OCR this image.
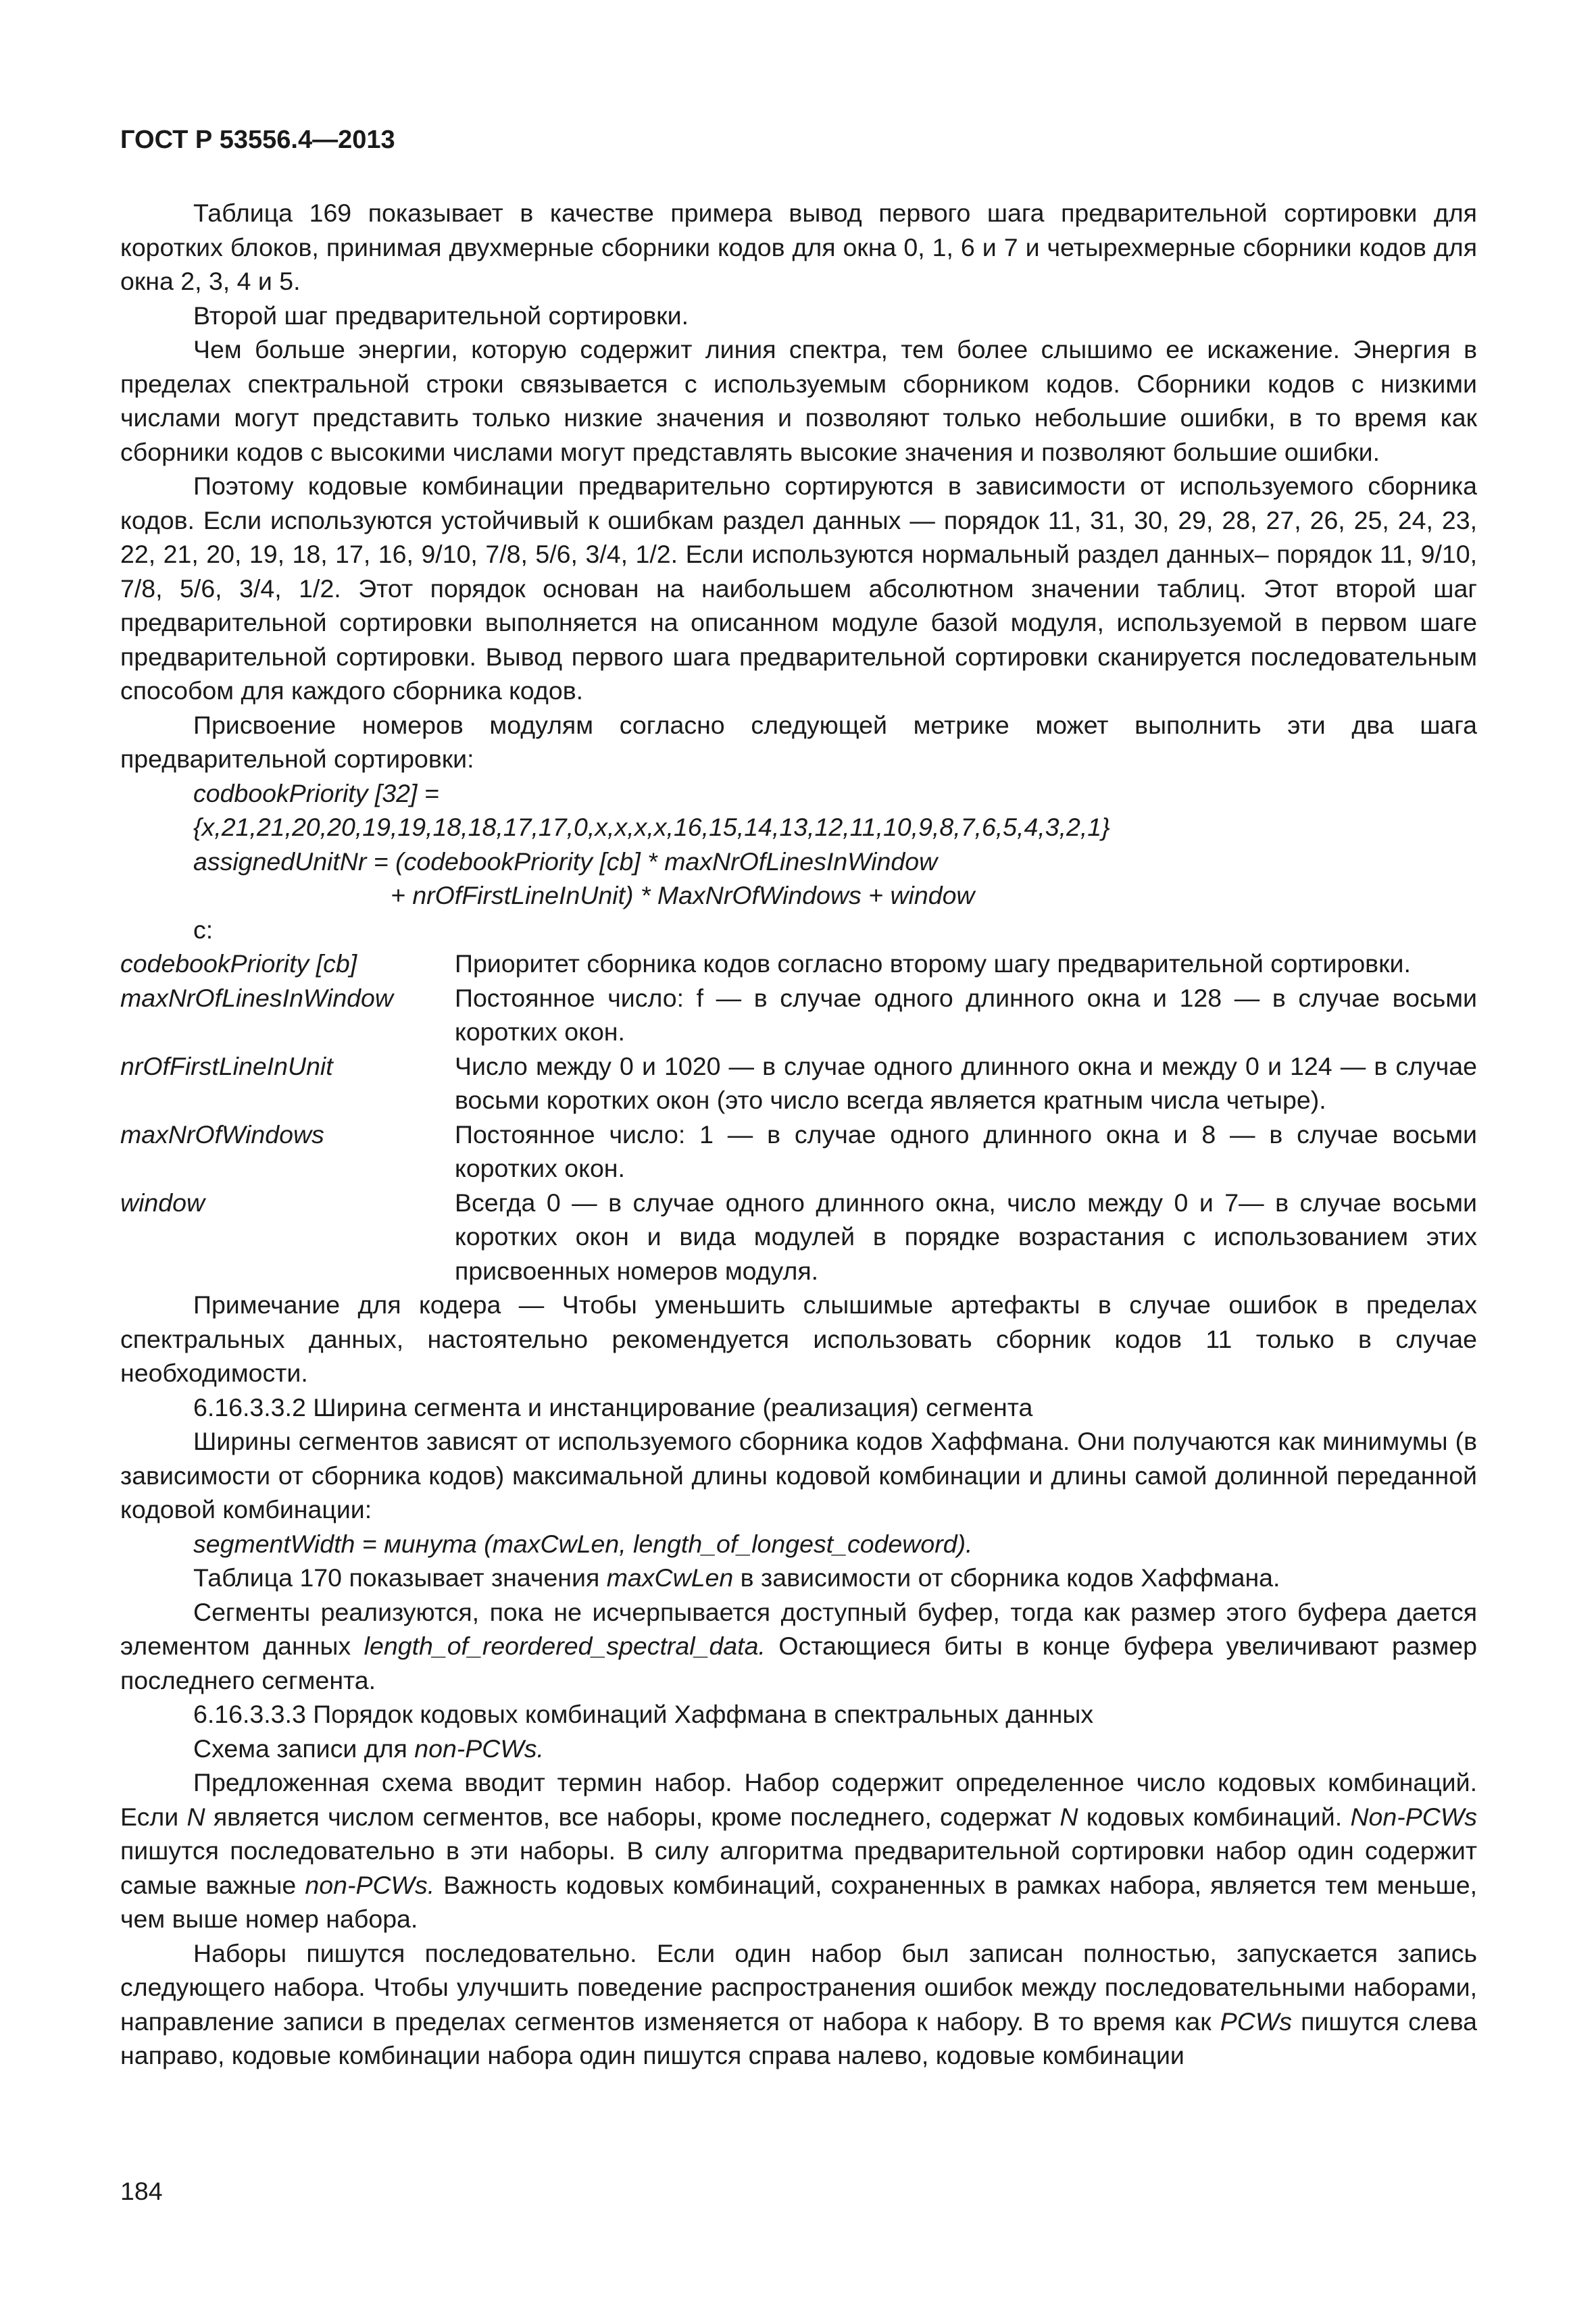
ГОСТ Р 53556.4—2013

Таблица 169 показывает в качестве примера вывод первого шага предварительной сортировки для коротких блоков, принимая двухмерные сборники кодов для окна 0, 1, 6 и 7 и четырехмерные сборники кодов для окна 2, 3, 4 и 5.

Второй шаг предварительной сортировки.

Чем больше энергии, которую содержит линия спектра, тем более слышимо ее искажение. Энергия в пределах спектральной строки связывается с используемым сборником кодов. Сборники кодов с низкими числами могут представить только низкие значения и позволяют только небольшие ошибки, в то время как сборники кодов с высокими числами могут представлять высокие значения и позволяют большие ошибки.

Поэтому кодовые комбинации предварительно сортируются в зависимости от используемого сборника кодов. Если используются устойчивый к ошибкам раздел данных — порядок 11, 31, 30, 29, 28, 27, 26, 25, 24, 23, 22, 21, 20, 19, 18, 17, 16, 9/10, 7/8, 5/6, 3/4, 1/2. Если используются нормальный раздел данных– порядок 11, 9/10, 7/8, 5/6, 3/4, 1/2. Этот порядок основан на наибольшем абсолютном значении таблиц. Этот второй шаг предварительной сортировки выполняется на описанном модуле базой модуля, используемой в первом шаге предварительной сортировки. Вывод первого шага предварительной сортировки сканируется последовательным способом для каждого сборника кодов.

Присвоение номеров модулям согласно следующей метрике может выполнить эти два шага предварительной сортировки:

codbookPriority [32] =
{x,21,21,20,20,19,19,18,18,17,17,0,x,x,x,x,16,15,14,13,12,11,10,9,8,7,6,5,4,3,2,1}
assignedUnitNr = (codebookPriority [cb] * maxNrOfLinesInWindow
+ nrOfFirstLineInUnit) * MaxNrOfWindows + window
с:
codebookPriority [cb]	Приоритет сборника кодов согласно второму шагу предварительной сортировки.
maxNrOfLinesInWindow	Постоянное число: f — в случае одного длинного окна и 128 — в случае восьми коротких окон.
nrOfFirstLineInUnit	Число между 0 и 1020 — в случае одного длинного окна и между 0 и 124 — в случае восьми коротких окон (это число всегда является кратным числа четыре).
maxNrOfWindows	Постоянное число: 1 — в случае одного длинного окна и 8 — в случае восьми коротких окон.
window	Всегда 0 — в случае одного длинного окна, число между 0 и 7— в случае восьми коротких окон и вида модулей в порядке возрастания с использованием этих присвоенных номеров модуля.

Примечание для кодера — Чтобы уменьшить слышимые артефакты в случае ошибок в пределах спектральных данных, настоятельно рекомендуется использовать сборник кодов 11 только в случае необходимости.

6.16.3.3.2 Ширина сегмента и инстанцирование (реализация) сегмента

Ширины сегментов зависят от используемого сборника кодов Хаффмана. Они получаются как минимумы (в зависимости от сборника кодов) максимальной длины кодовой комбинации и длины самой долинной переданной кодовой комбинации:

segmentWidth = минута (maxCwLen, length_of_longest_codeword).

Таблица 170 показывает значения maxCwLen в зависимости от сборника кодов Хаффмана.

Сегменты реализуются, пока не исчерпывается доступный буфер, тогда как размер этого буфера дается элементом данных length_of_reordered_spectral_data. Остающиеся биты в конце буфера увеличивают размер последнего сегмента.

6.16.3.3.3 Порядок кодовых комбинаций Хаффмана в спектральных данных

Схема записи для non-PCWs.

Предложенная схема вводит термин набор. Набор содержит определенное число кодовых комбинаций. Если N является числом сегментов, все наборы, кроме последнего, содержат N кодовых комбинаций. Non-PCWs пишутся последовательно в эти наборы. В силу алгоритма предварительной сортировки набор один содержит самые важные non-PCWs. Важность кодовых комбинаций, сохраненных в рамках набора, является тем меньше, чем выше номер набора.

Наборы пишутся последовательно. Если один набор был записан полностью, запускается запись следующего набора. Чтобы улучшить поведение распространения ошибок между последовательными наборами, направление записи в пределах сегментов изменяется от набора к набору. В то время как PCWs пишутся слева направо, кодовые комбинации набора один пишутся справа налево, кодовые комбинации

184
